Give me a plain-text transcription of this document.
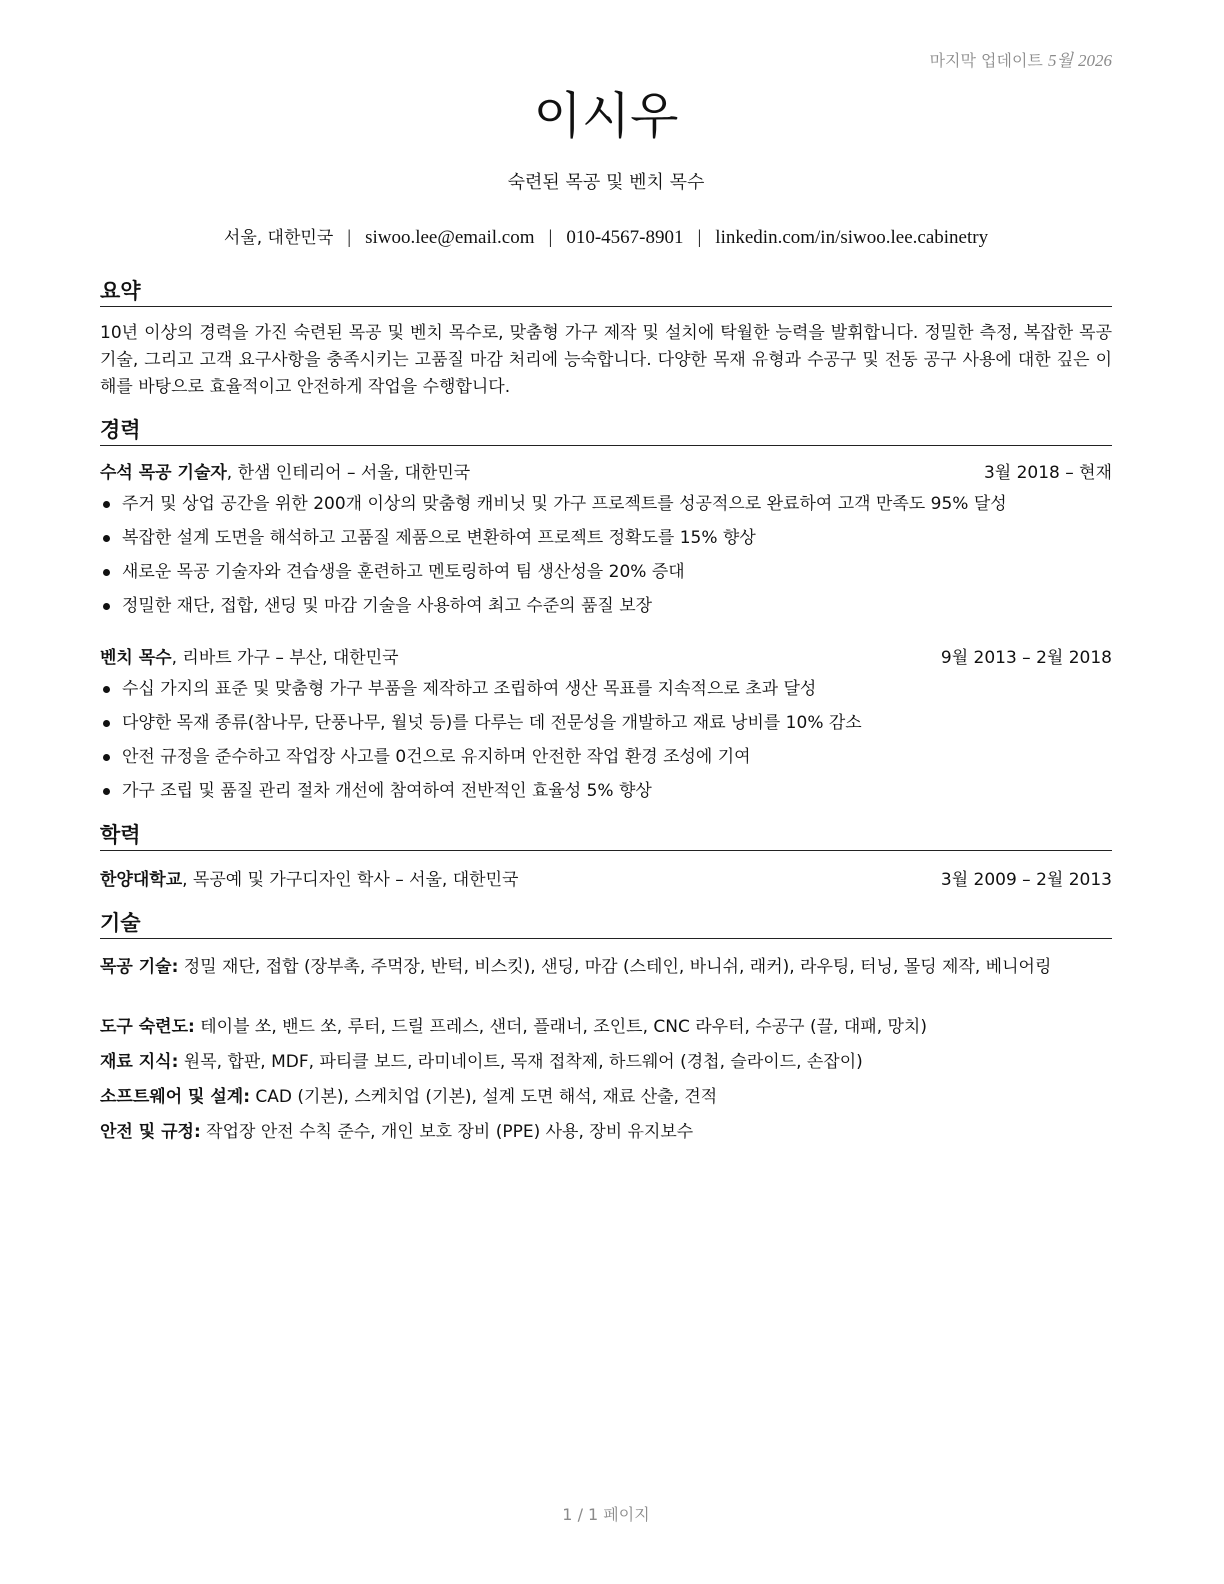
마지막 업데이트 5월 2026
이시우
숙련된 목공 및 벤치 목수
서울, 대한민국 | siwoo.lee@email.com | 010-4567-8901 | linkedin.com/in/siwoo.lee.cabinetry
요약
10년 이상의 경력을 가진 숙련된 목공 및 벤치 목수로, 맞춤형 가구 제작 및 설치에 탁월한 능력을 발휘합니다. 정밀한 측정, 복잡한 목공 기술, 그리고 고객 요구사항을 충족시키는 고품질 마감 처리에 능숙합니다. 다양한 목재 유형과 수공구 및 전동 공구 사용에 대한 깊은 이해를 바탕으로 효율적이고 안전하게 작업을 수행합니다.
경력
수석 목공 기술자, 한샘 인테리어 – 서울, 대한민국	3월 2018 – 현재
주거 및 상업 공간을 위한 200개 이상의 맞춤형 캐비닛 및 가구 프로젝트를 성공적으로 완료하여 고객 만족도 95% 달성
복잡한 설계 도면을 해석하고 고품질 제품으로 변환하여 프로젝트 정확도를 15% 향상
새로운 목공 기술자와 견습생을 훈련하고 멘토링하여 팀 생산성을 20% 증대
정밀한 재단, 접합, 샌딩 및 마감 기술을 사용하여 최고 수준의 품질 보장
벤치 목수, 리바트 가구 – 부산, 대한민국	9월 2013 – 2월 2018
수십 가지의 표준 및 맞춤형 가구 부품을 제작하고 조립하여 생산 목표를 지속적으로 초과 달성
다양한 목재 종류(참나무, 단풍나무, 월넛 등)를 다루는 데 전문성을 개발하고 재료 낭비를 10% 감소
안전 규정을 준수하고 작업장 사고를 0건으로 유지하며 안전한 작업 환경 조성에 기여
가구 조립 및 품질 관리 절차 개선에 참여하여 전반적인 효율성 5% 향상
학력
한양대학교, 목공예 및 가구디자인 학사 – 서울, 대한민국	3월 2009 – 2월 2013
기술
목공 기술: 정밀 재단, 접합 (장부촉, 주먹장, 반턱, 비스킷), 샌딩, 마감 (스테인, 바니쉬, 래커), 라우팅, 터닝, 몰딩 제작, 베니어링
도구 숙련도: 테이블 쏘, 밴드 쏘, 루터, 드릴 프레스, 샌더, 플래너, 조인트, CNC 라우터, 수공구 (끌, 대패, 망치)
재료 지식: 원목, 합판, MDF, 파티클 보드, 라미네이트, 목재 접착제, 하드웨어 (경첩, 슬라이드, 손잡이)
소프트웨어 및 설계: CAD (기본), 스케치업 (기본), 설계 도면 해석, 재료 산출, 견적
안전 및 규정: 작업장 안전 수칙 준수, 개인 보호 장비 (PPE) 사용, 장비 유지보수
1 / 1 페이지
